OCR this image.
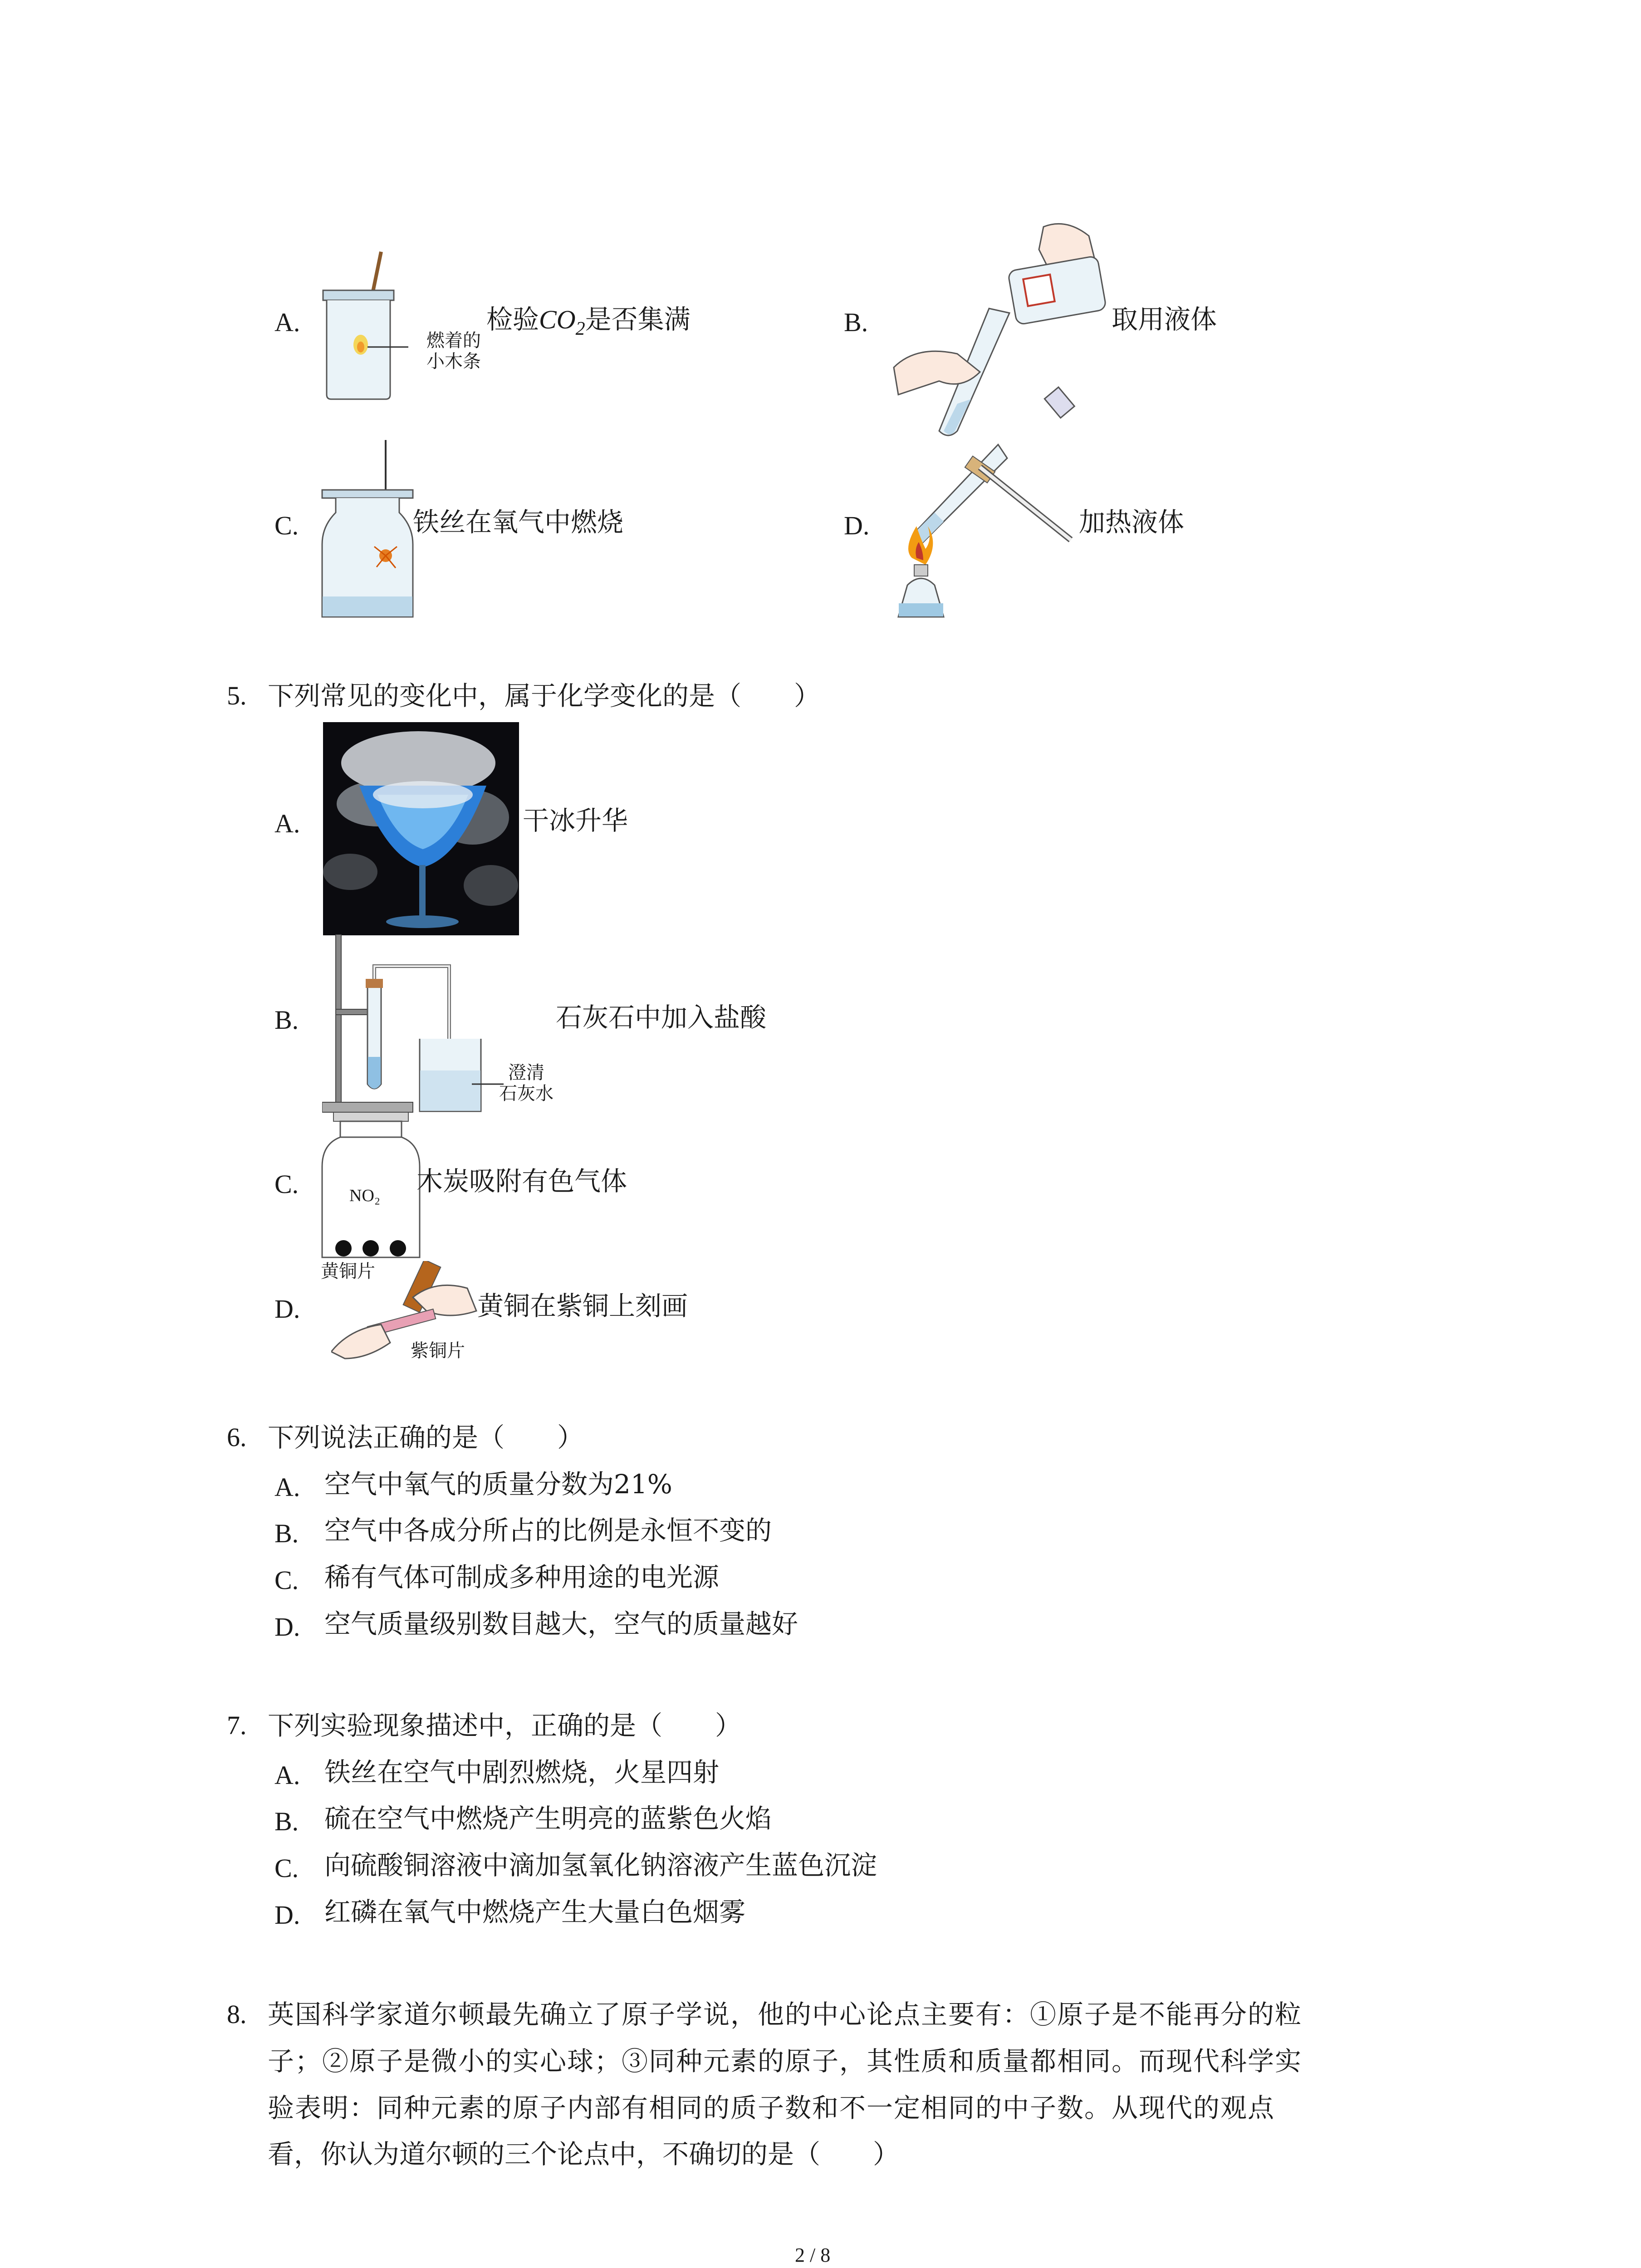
A.
燃着的
小木条
检验$CO_2$是否集满	B.	取用液体
C.	铁丝在氧气中燃烧	D.	加热液体
5. 下列常见的变化中，属于化学变化的是（　　）
A.	干冰升华
B.
澄清
石灰水
石灰石中加入盐酸
C.	NO₂ 木炭吸附有色气体
D.
黄铜片
紫铜片
黄铜在紫铜上刻画
6. 下列说法正确的是（　　）
A. 空气中氧气的质量分数为21%
B. 空气中各成分所占的比例是永恒不变的
C. 稀有气体可制成多种用途的电光源
D. 空气质量级别数目越大，空气的质量越好
7. 下列实验现象描述中，正确的是（　　）
A. 铁丝在空气中剧烈燃烧，火星四射
B. 硫在空气中燃烧产生明亮的蓝紫色火焰
C. 向硫酸铜溶液中滴加氢氧化钠溶液产生蓝色沉淀
D. 红磷在氧气中燃烧产生大量白色烟雾
8. 英国科学家道尔顿最先确立了原子学说，他的中心论点主要有：①原子是不能再分的粒
子；②原子是微小的实心球；③同种元素的原子，其性质和质量都相同。而现代科学实
验表明：同种元素的原子内部有相同的质子数和不一定相同的中子数。从现代的观点
看，你认为道尔顿的三个论点中，不确切的是（　　）
2 / 8
